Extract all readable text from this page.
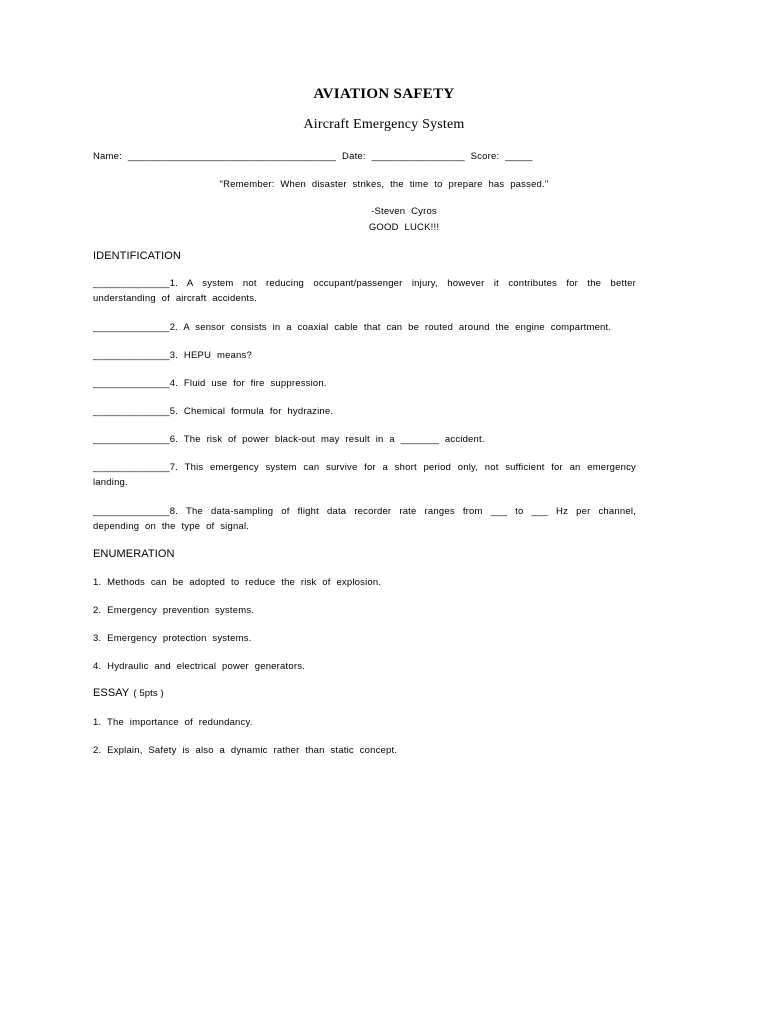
AVIATION SAFETY
Aircraft Emergency System
Name: ______________________________________ Date: _________________ Score: _____
"Remember: When disaster strikes, the time to prepare has passed."
-Steven Cyros
GOOD LUCK!!!
IDENTIFICATION
______________1. A system not reducing occupant/passenger injury, however it contributes for the better understanding of aircraft accidents.
______________2. A sensor consists in a coaxial cable that can be routed around the engine compartment.
______________3. HEPU means?
______________4. Fluid use for fire suppression.
______________5. Chemical formula for hydrazine.
______________6. The risk of power black-out may result in a _______ accident.
______________7. This emergency system can survive for a short period only, not sufficient for an emergency landing.
______________8. The data-sampling of flight data recorder rate ranges from ___ to ___ Hz per channel, depending on the type of signal.
ENUMERATION
1. Methods can be adopted to reduce the risk of explosion.
2. Emergency prevention systems.
3. Emergency protection systems.
4. Hydraulic and electrical power generators.
ESSAY ( 5pts )
1. The importance of redundancy.
2. Explain, Safety is also a dynamic rather than static concept.
